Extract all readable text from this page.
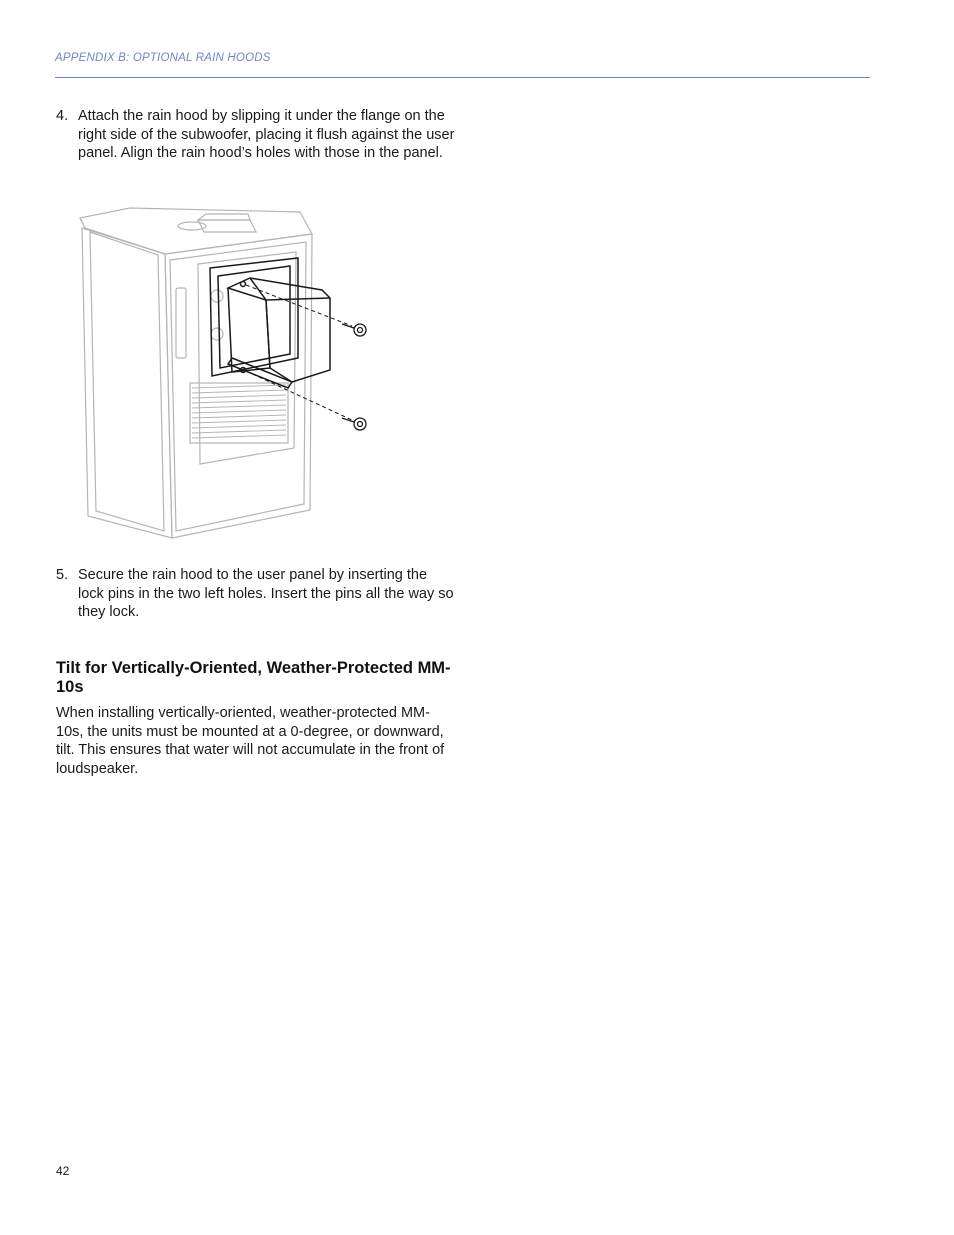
APPENDIX B: OPTIONAL RAIN HOODS
4. Attach the rain hood by slipping it under the flange on the right side of the subwoofer, placing it flush against the user panel. Align the rain hood’s holes with those in the panel.
5. Secure the rain hood to the user panel by inserting the lock pins in the two left holes. Insert the pins all the way so they lock.
Tilt for Vertically-Oriented, Weather-Protected MM-10s
When installing vertically-oriented, weather-protected MM-10s, the units must be mounted at a 0-degree, or downward, tilt. This ensures that water will not accumulate in the front of loudspeaker.
42
